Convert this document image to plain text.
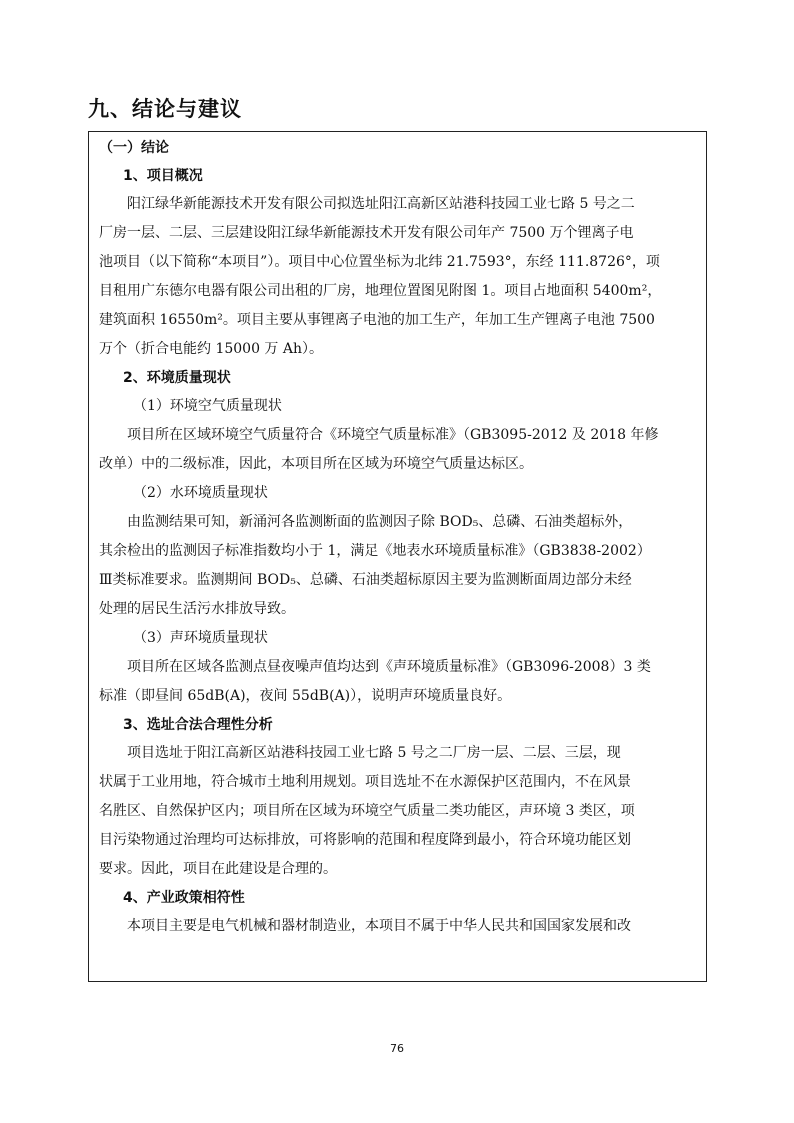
九、结论与建议
（一）结论
1、项目概况

阳江绿华新能源技术开发有限公司拟选址阳江高新区站港科技园工业七路 5 号之二

厂房一层、二层、三层建设阳江绿华新能源技术开发有限公司年产 7500 万个锂离子电

池项目（以下简称“本项目”）。项目中心位置坐标为北纬 21.7593°，东经 111.8726°，项

目租用广东德尔电器有限公司出租的厂房，地理位置图见附图 1。项目占地面积 5400m²，

建筑面积 16550m²。项目主要从事锂离子电池的加工生产，年加工生产锂离子电池 7500

万个（折合电能约 15000 万 Ah）。

2、环境质量现状
（1）环境空气质量现状

项目所在区域环境空气质量符合《环境空气质量标准》（GB3095-2012 及 2018 年修

改单）中的二级标准，因此，本项目所在区域为环境空气质量达标区。

（2）水环境质量现状

由监测结果可知，新涌河各监测断面的监测因子除 BOD₅、总磷、石油类超标外，

其余检出的监测因子标准指数均小于 1，满足《地表水环境质量标准》（GB3838-2002）

Ⅲ类标准要求。监测期间 BOD₅、总磷、石油类超标原因主要为监测断面周边部分未经

处理的居民生活污水排放导致。

（3）声环境质量现状

项目所在区域各监测点昼夜噪声值均达到《声环境质量标准》（GB3096-2008）3 类

标准（即昼间 65dB(A)，夜间 55dB(A)），说明声环境质量良好。

3、选址合法合理性分析

项目选址于阳江高新区站港科技园工业七路 5 号之二厂房一层、二层、三层，现

状属于工业用地，符合城市土地利用规划。项目选址不在水源保护区范围内，不在风景

名胜区、自然保护区内；项目所在区域为环境空气质量二类功能区，声环境 3 类区，项

目污染物通过治理均可达标排放，可将影响的范围和程度降到最小，符合环境功能区划

要求。因此，项目在此建设是合理的。

4、产业政策相符性

本项目主要是电气机械和器材制造业，本项目不属于中华人民共和国国家发展和改

76
